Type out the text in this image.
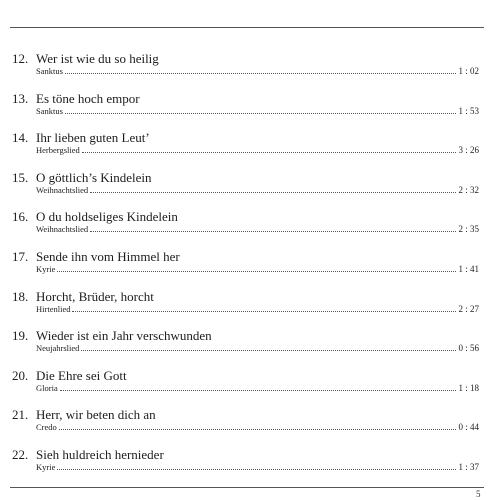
12. Wer ist wie du so heilig
Sanktus	1 : 02
13. Es töne hoch empor
Sanktus	1 : 53
14. Ihr lieben guten Leut’
Herbergslied	3 : 26
15. O göttlich’s Kindelein
Weihnachtslied	2 : 32
16. O du holdseliges Kindelein
Weihnachtslied	2 : 35
17. Sende ihn vom Himmel her
Kyrie	1 : 41
18. Horcht, Brüder, horcht
Hirtenlied	2 : 27
19. Wieder ist ein Jahr verschwunden
Neujahrslied	0 : 56
20. Die Ehre sei Gott
Gloria	1 : 18
21. Herr, wir beten dich an
Credo	0 : 44
22. Sieh huldreich hernieder
Kyrie	1 : 37
5
